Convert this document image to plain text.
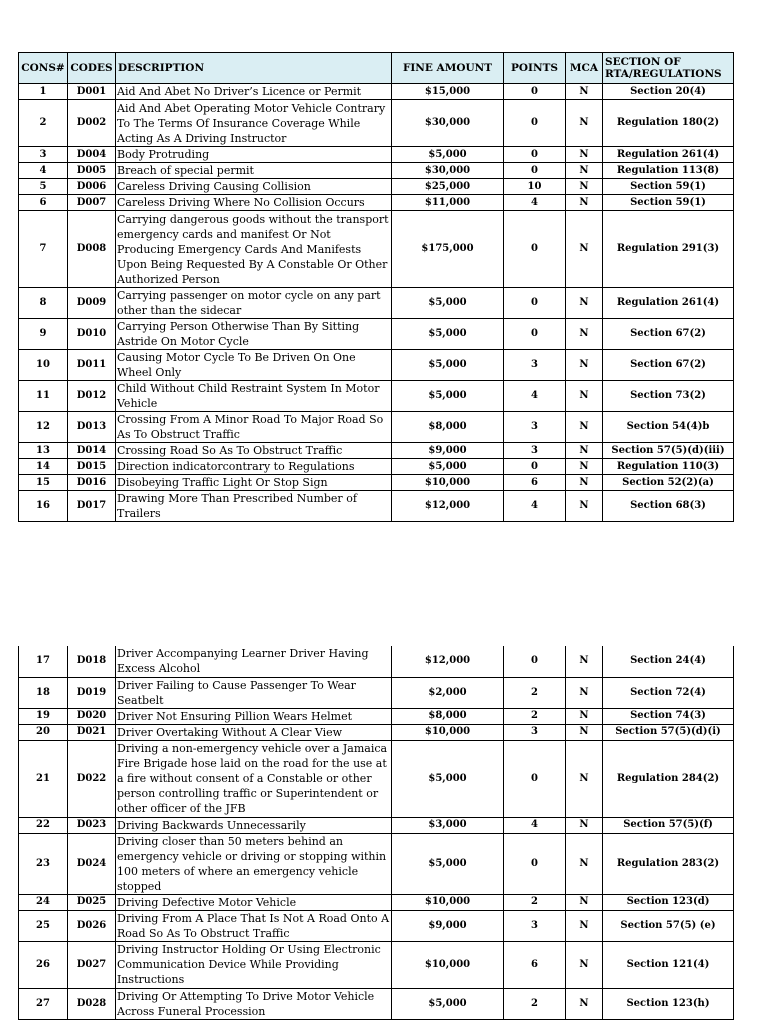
CONS#	CODES	DESCRIPTION	FINE AMOUNT	POINTS	MCA	SECTION OF RTA/REGULATIONS
1	D001	Aid And Abet No Driver’s Licence or Permit	$15,000	0	N	Section 20(4)
2	D002	Aid And Abet Operating Motor Vehicle Contrary To The Terms Of Insurance Coverage While Acting As A Driving Instructor	$30,000	0	N	Regulation 180(2)
3	D004	Body Protruding	$5,000	0	N	Regulation 261(4)
4	D005	Breach of special permit	$30,000	0	N	Regulation 113(8)
5	D006	Careless Driving Causing Collision	$25,000	10	N	Section 59(1)
6	D007	Careless Driving Where No Collision Occurs	$11,000	4	N	Section 59(1)
7	D008	Carrying dangerous goods without the transport emergency cards and manifest Or Not Producing Emergency Cards And Manifests Upon Being Requested By A Constable Or Other Authorized Person	$175,000	0	N	Regulation 291(3)
8	D009	Carrying passenger on motor cycle on any part other than the sidecar	$5,000	0	N	Regulation 261(4)
9	D010	Carrying Person Otherwise Than By Sitting Astride On Motor Cycle	$5,000	0	N	Section 67(2)
10	D011	Causing Motor Cycle To Be Driven On One Wheel Only	$5,000	3	N	Section 67(2)
11	D012	Child Without Child Restraint System In Motor Vehicle	$5,000	4	N	Section 73(2)
12	D013	Crossing From A Minor Road To Major Road So As To Obstruct Traffic	$8,000	3	N	Section 54(4)b
13	D014	Crossing Road So As To Obstruct Traffic	$9,000	3	N	Section 57(5)(d)(iii)
14	D015	Direction indicatorcontrary to Regulations	$5,000	0	N	Regulation 110(3)
15	D016	Disobeying Traffic Light Or Stop Sign	$10,000	6	N	Section 52(2)(a)
16	D017	Drawing More Than Prescribed Number of Trailers	$12,000	4	N	Section 68(3)
17	D018	Driver Accompanying Learner Driver Having Excess Alcohol	$12,000	0	N	Section 24(4)
18	D019	Driver Failing to Cause Passenger To Wear Seatbelt	$2,000	2	N	Section 72(4)
19	D020	Driver Not Ensuring Pillion Wears Helmet	$8,000	2	N	Section 74(3)
20	D021	Driver Overtaking Without A Clear View	$10,000	3	N	Section 57(5)(d)(i)
21	D022	Driving a non-emergency vehicle over a Jamaica Fire Brigade hose laid on the road for the use at a fire without consent of a Constable or other person controlling traffic or Superintendent or other officer of the JFB	$5,000	0	N	Regulation 284(2)
22	D023	Driving Backwards Unnecessarily	$3,000	4	N	Section 57(5)(f)
23	D024	Driving closer than 50 meters behind an emergency vehicle or driving or stopping within 100 meters of where an emergency vehicle stopped	$5,000	0	N	Regulation 283(2)
24	D025	Driving Defective Motor Vehicle	$10,000	2	N	Section 123(d)
25	D026	Driving From A Place That Is Not A Road Onto A Road So As To Obstruct Traffic	$9,000	3	N	Section 57(5) (e)
26	D027	Driving Instructor Holding Or Using Electronic Communication Device While Providing Instructions	$10,000	6	N	Section 121(4)
27	D028	Driving Or Attempting To Drive Motor Vehicle Across Funeral Procession	$5,000	2	N	Section 123(h)
